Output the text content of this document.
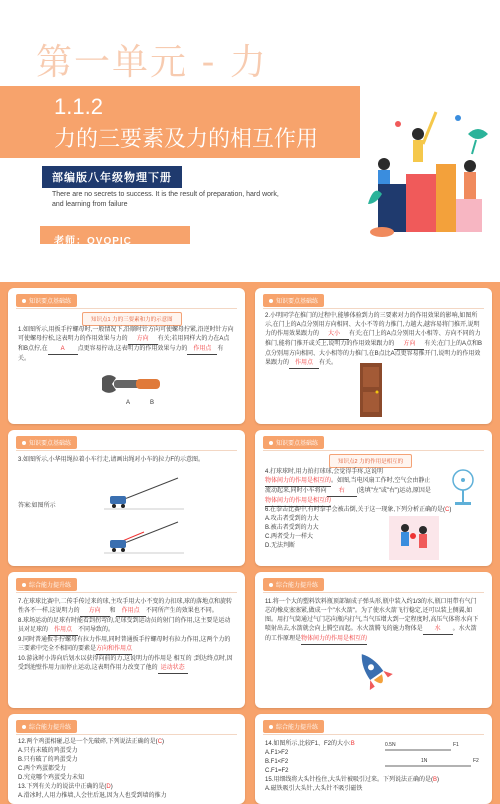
第一单元 - 力
1.1.2
力的三要素及力的相互作用
部编版八年级物理下册
There are no secrets to success. It is the result of preparation, hard work, and learning from failure
老师：OVOPIC
知识要点基础练
知识点1 力的三要素和力的示意图
1.如图所示,用扳手拧螺母时,一般情况下,沿顺时针方向可使螺母拧紧,沿逆时针方向可使螺母拧松,这表明力的作用效果与力的 方向 有关;若用同样大的力在A点和B点拧,在 A 点更容易拧动,这表明力的作用效果与力的 作用点 有关。
A	B
知识要点基础练
2.小明同学在推门的过程中,能够体验到力的三要素对力的作用效果的影响,如图所示,在门上的A点分别用方向相同、大小不等的力推门,力越大,越容易将门推开,说明力的作用效果跟力的 大小 有关;在门上的A点分别用大小相等、方向不同的力推门,能将门推开或关上,说明力的作用效果跟力的 方向 有关;在门上的A点和B点分别用方向相同、大小相等的力推门,在B点比A点更容易推开门,说明力的作用效果跟力的 作用点 有关。
知识要点基础练
3.如图所示,小华用绳拉着小车行走,请画出绳对小车的拉力F的示意图。
答案:如图所示
知识要点基础练
知识点2 力的作用是相互的
4.打球球时,用力拍打球球,会觉得手疼,这说明物体间力的作用是相互的。如图,当电风扇工作时,空气会由静止流动起来,同时小车将向 右 (选填"左"或"右")运动,原因是物体间力的作用是相互的
6.在拳击比赛中,有时拳手会被击倒,关于这一现象,下列分析正确的是(C)
A.攻击者受到的力大
B.被击者受到的力大
C.两者受力一样大
D.无法判断
综合能力提升练
7.在球球比赛中,二传手传过来的球,主攻手用大小不变的力扣球,球的落地点和旋转性各不一样,这说明力的 方向 和 作用点 不同所产生的效果也不同。
8.球场运动的足球有时能看到拐弯的,足球受到运动员的射门的作用,这主要是运动员对足球的 作用点 不同导致的。
9.同时普通扳手拧螺母有拉力作用,同时普通扳手拧螺母时有拉力作用,这两个力的三要素中完全不相同的要素是方向和作用点
10.游泳时小涛向后划水以获得向前的力,这说明力的作用是 相互的 ;到达终点时,因受到池壁作用力而停止运动,这表明作用力改变了他的 运动状态
综合能力提升练
11.将一个大的塑料饮料瓶顶部锯成子弹头形,瓶中装入约1/3的水,瓶口用带有气门芯的橡皮塞塞紧,做成一个"水火箭"。为了使水火箭飞行稳定,还可以装上侧翼,如图。用打气筒通过气门芯向瓶内打气,当气压增大到一定程度时,高压气体将水向下喷射出去,水箭就会向上腾空而起。水火箭腾飞的施力物体是 水 。水火箭的工作原理是物体间力的作用是相互的
综合能力提升练
12.两个鸡蛋相碰,总是一个先破碎,下列说法正确的是(C)
A.只有未破的鸡蛋受力
B.只有破了的鸡蛋受力
C.两个鸡蛋都受力
D.究竟哪个鸡蛋受力未知
13.下列有关力的说法中正确的是(D)
A.滑冰时,人用力推墙,人会往后退,因为人也受到墙的推力
综合能力提升练
14.如图所示,比较F1、F2的大小:B
A.F1>F2
B.F1<F2
C.F1=F2
15.用细线将大头针拴住,大头针被吸引过来。下列说法正确的是(B)
A.磁铁吸引大头针,大头针不吸引磁铁
0.5N	F1
1N	F2
